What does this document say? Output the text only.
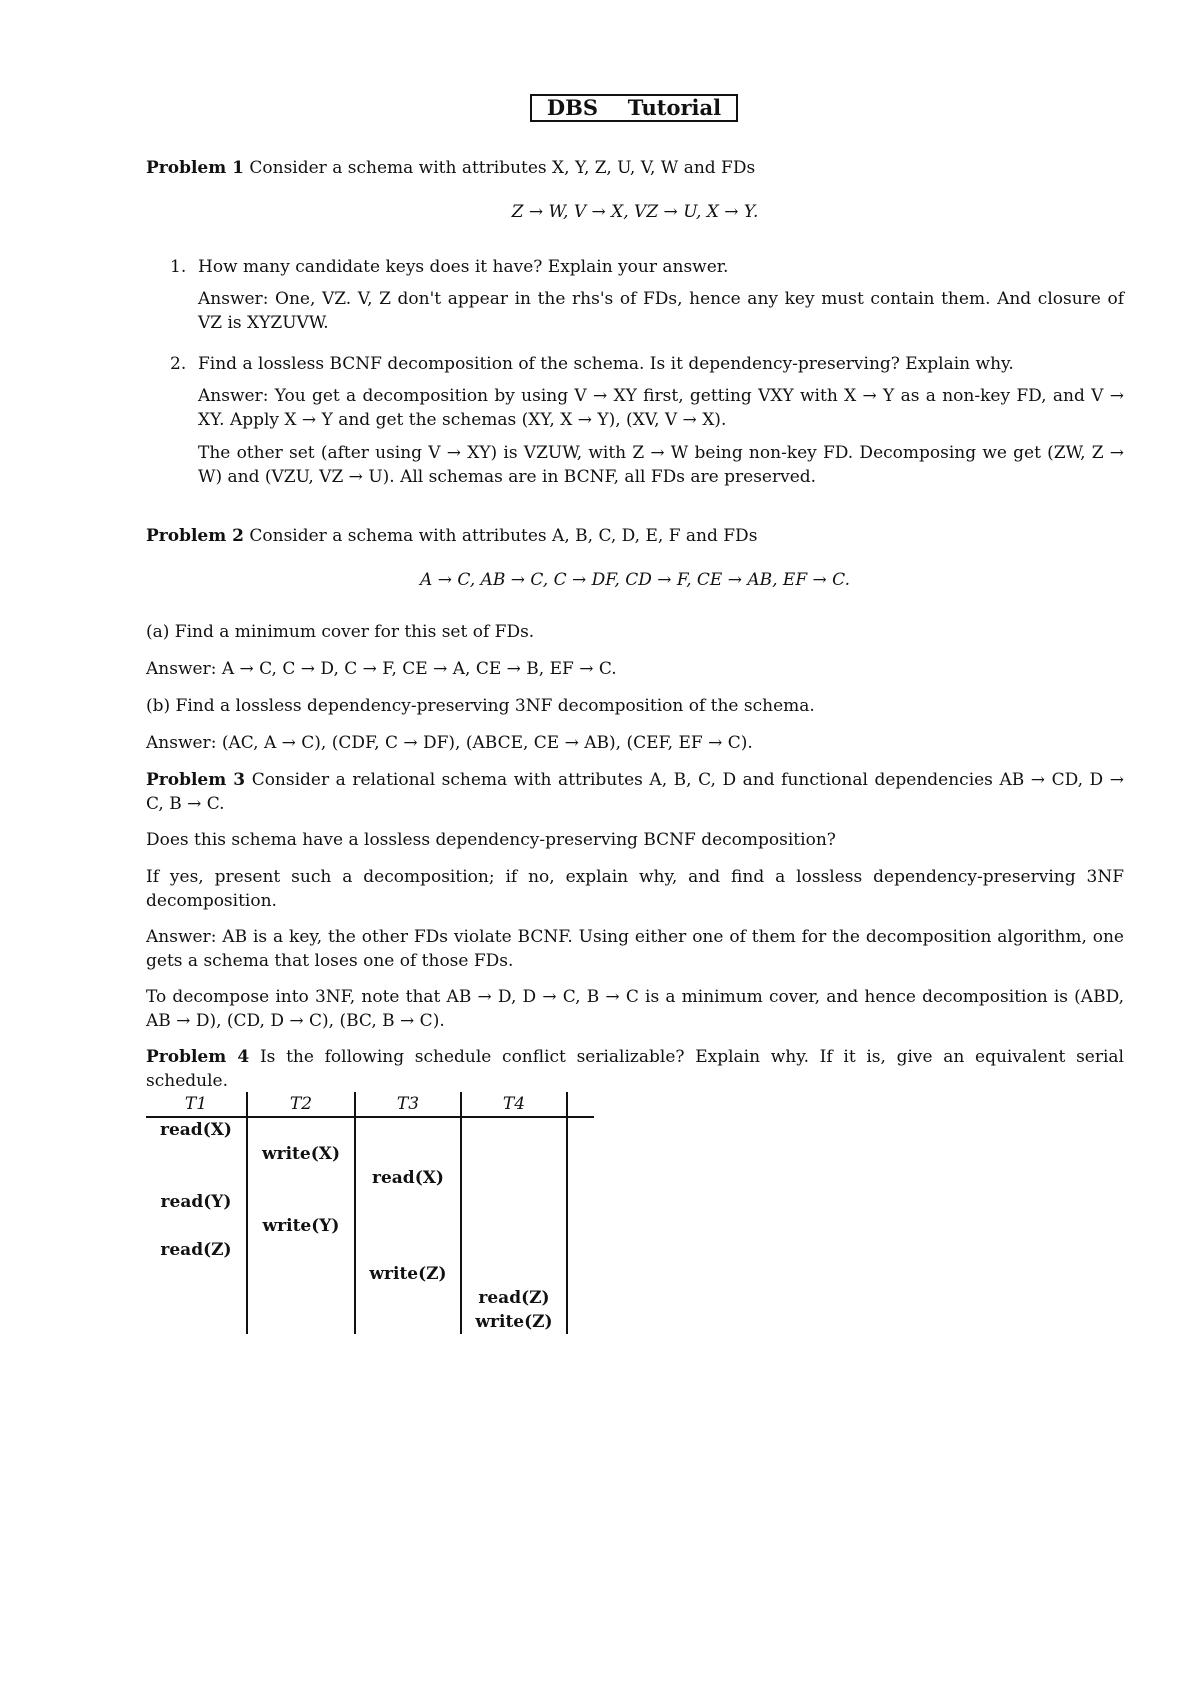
DBS Tutorial
Problem 1 Consider a schema with attributes X, Y, Z, U, V, W and FDs
Z → W, V → X, VZ → U, X → Y.
1. How many candidate keys does it have? Explain your answer.
Answer: One, VZ. V, Z don't appear in the rhs's of FDs, hence any key must contain them. And closure of VZ is XYZUVW.
2. Find a lossless BCNF decomposition of the schema. Is it dependency-preserving? Explain why.
Answer: You get a decomposition by using V → XY first, getting VXY with X → Y as a non-key FD, and V → XY. Apply X → Y and get the schemas (XY, X → Y), (XV, V → X).
The other set (after using V → XY) is VZUW, with Z → W being non-key FD. Decomposing we get (ZW, Z → W) and (VZU, VZ → U). All schemas are in BCNF, all FDs are preserved.
Problem 2 Consider a schema with attributes A, B, C, D, E, F and FDs
A → C, AB → C, C → DF, CD → F, CE → AB, EF → C.
(a) Find a minimum cover for this set of FDs.
Answer: A → C, C → D, C → F, CE → A, CE → B, EF → C.
(b) Find a lossless dependency-preserving 3NF decomposition of the schema.
Answer: (AC, A → C), (CDF, C → DF), (ABCE, CE → AB), (CEF, EF → C).
Problem 3 Consider a relational schema with attributes A, B, C, D and functional dependencies AB → CD, D → C, B → C.
Does this schema have a lossless dependency-preserving BCNF decomposition?
If yes, present such a decomposition; if no, explain why, and find a lossless dependency-preserving 3NF decomposition.
Answer: AB is a key, the other FDs violate BCNF. Using either one of them for the decomposition algorithm, one gets a schema that loses one of those FDs.
To decompose into 3NF, note that AB → D, D → C, B → C is a minimum cover, and hence decomposition is (ABD, AB → D), (CD, D → C), (BC, B → C).
Problem 4 Is the following schedule conflict serializable? Explain why. If it is, give an equivalent serial schedule.
T1	T2	T3	T4	
read(X)				
	write(X)			
		read(X)		
read(Y)				
	write(Y)			
read(Z)				
		write(Z)		
			read(Z)	
			write(Z)	
